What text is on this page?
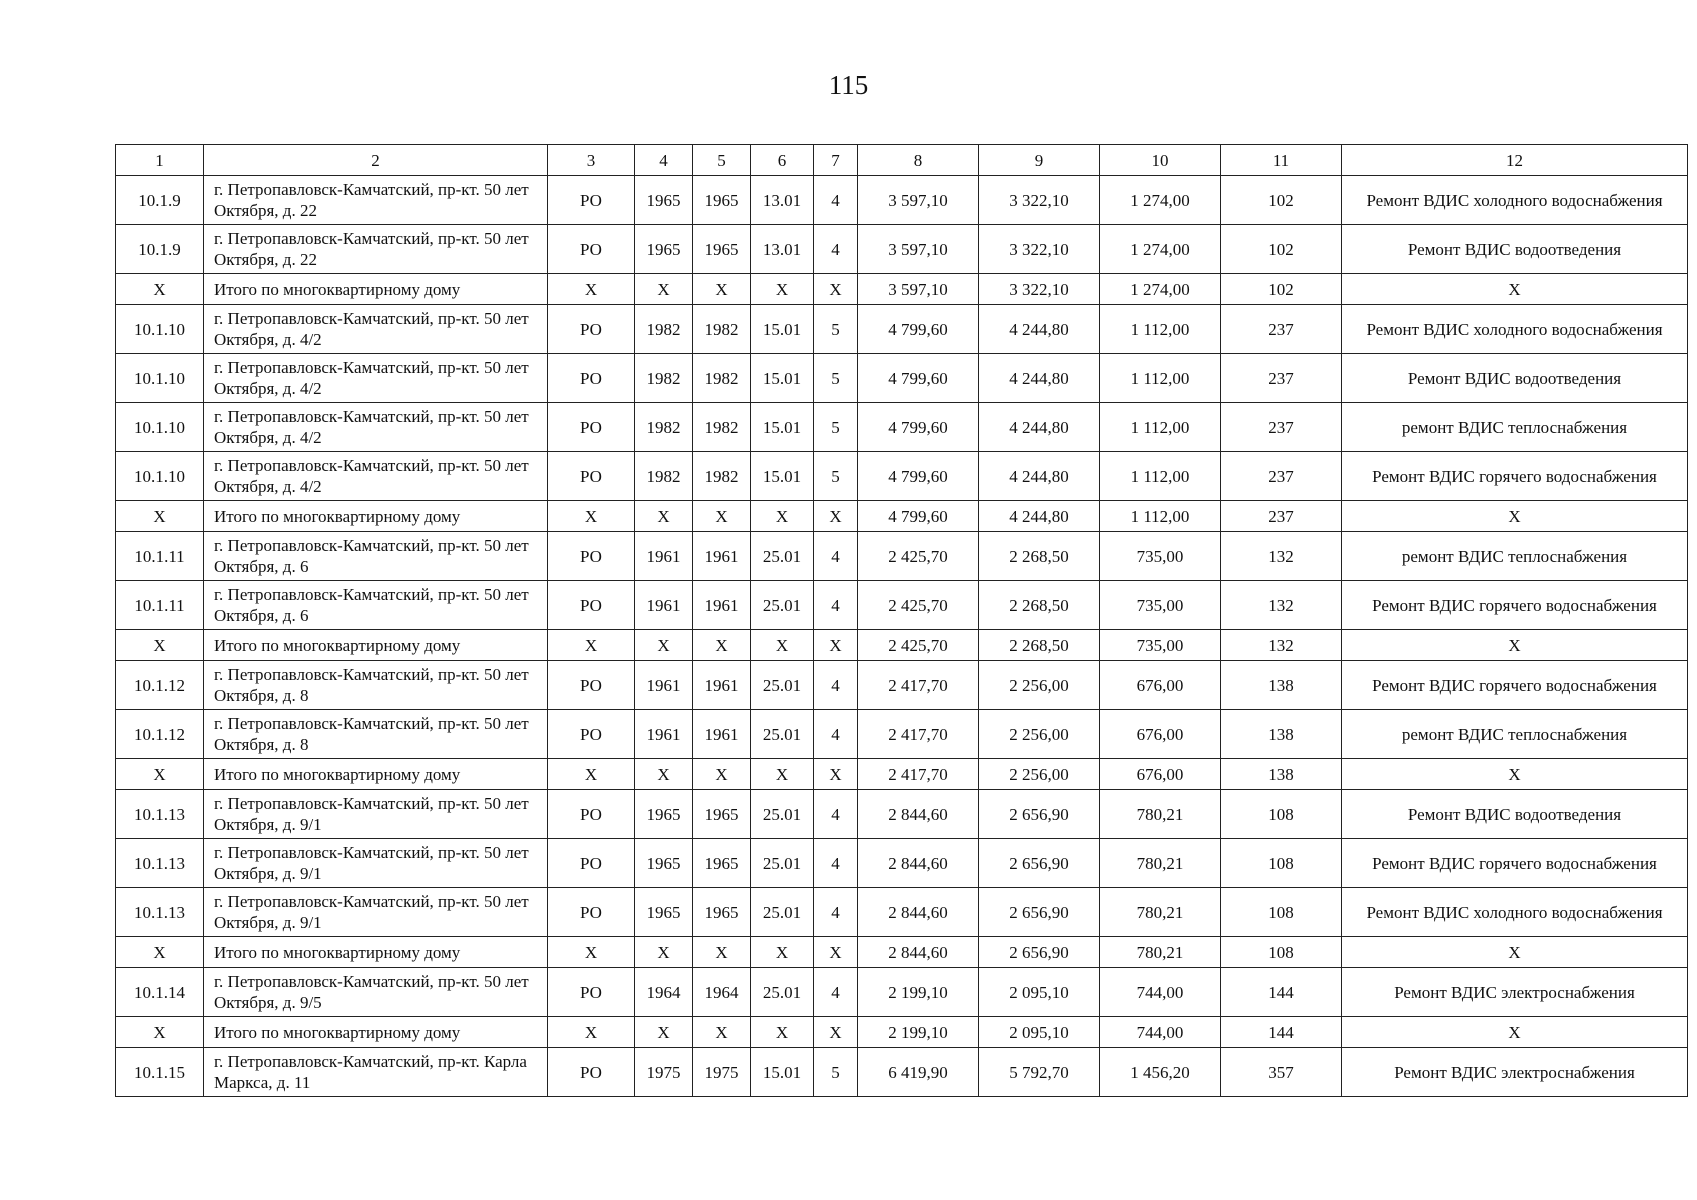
115
1	2	3	4	5	6	7	8	9	10	11	12
10.1.9	г. Петропавловск-Камчатский, пр-кт. 50 лет Октября, д. 22	РО	1965	1965	13.01	4	3 597,10	3 322,10	1 274,00	102	Ремонт ВДИС холодного водоснабжения
10.1.9	г. Петропавловск-Камчатский, пр-кт. 50 лет Октября, д. 22	РО	1965	1965	13.01	4	3 597,10	3 322,10	1 274,00	102	Ремонт ВДИС водоотведения
X	Итого по многоквартирному дому	X	X	X	X	X	3 597,10	3 322,10	1 274,00	102	X
10.1.10	г. Петропавловск-Камчатский, пр-кт. 50 лет Октября, д. 4/2	РО	1982	1982	15.01	5	4 799,60	4 244,80	1 112,00	237	Ремонт ВДИС холодного водоснабжения
10.1.10	г. Петропавловск-Камчатский, пр-кт. 50 лет Октября, д. 4/2	РО	1982	1982	15.01	5	4 799,60	4 244,80	1 112,00	237	Ремонт ВДИС водоотведения
10.1.10	г. Петропавловск-Камчатский, пр-кт. 50 лет Октября, д. 4/2	РО	1982	1982	15.01	5	4 799,60	4 244,80	1 112,00	237	ремонт ВДИС теплоснабжения
10.1.10	г. Петропавловск-Камчатский, пр-кт. 50 лет Октября, д. 4/2	РО	1982	1982	15.01	5	4 799,60	4 244,80	1 112,00	237	Ремонт ВДИС горячего водоснабжения
X	Итого по многоквартирному дому	X	X	X	X	X	4 799,60	4 244,80	1 112,00	237	X
10.1.11	г. Петропавловск-Камчатский, пр-кт. 50 лет Октября, д. 6	РО	1961	1961	25.01	4	2 425,70	2 268,50	735,00	132	ремонт ВДИС теплоснабжения
10.1.11	г. Петропавловск-Камчатский, пр-кт. 50 лет Октября, д. 6	РО	1961	1961	25.01	4	2 425,70	2 268,50	735,00	132	Ремонт ВДИС горячего водоснабжения
X	Итого по многоквартирному дому	X	X	X	X	X	2 425,70	2 268,50	735,00	132	X
10.1.12	г. Петропавловск-Камчатский, пр-кт. 50 лет Октября, д. 8	РО	1961	1961	25.01	4	2 417,70	2 256,00	676,00	138	Ремонт ВДИС горячего водоснабжения
10.1.12	г. Петропавловск-Камчатский, пр-кт. 50 лет Октября, д. 8	РО	1961	1961	25.01	4	2 417,70	2 256,00	676,00	138	ремонт ВДИС теплоснабжения
X	Итого по многоквартирному дому	X	X	X	X	X	2 417,70	2 256,00	676,00	138	X
10.1.13	г. Петропавловск-Камчатский, пр-кт. 50 лет Октября, д. 9/1	РО	1965	1965	25.01	4	2 844,60	2 656,90	780,21	108	Ремонт ВДИС водоотведения
10.1.13	г. Петропавловск-Камчатский, пр-кт. 50 лет Октября, д. 9/1	РО	1965	1965	25.01	4	2 844,60	2 656,90	780,21	108	Ремонт ВДИС горячего водоснабжения
10.1.13	г. Петропавловск-Камчатский, пр-кт. 50 лет Октября, д. 9/1	РО	1965	1965	25.01	4	2 844,60	2 656,90	780,21	108	Ремонт ВДИС холодного водоснабжения
X	Итого по многоквартирному дому	X	X	X	X	X	2 844,60	2 656,90	780,21	108	X
10.1.14	г. Петропавловск-Камчатский, пр-кт. 50 лет Октября, д. 9/5	РО	1964	1964	25.01	4	2 199,10	2 095,10	744,00	144	Ремонт ВДИС электроснабжения
X	Итого по многоквартирному дому	X	X	X	X	X	2 199,10	2 095,10	744,00	144	X
10.1.15	г. Петропавловск-Камчатский, пр-кт. Карла Маркса, д. 11	РО	1975	1975	15.01	5	6 419,90	5 792,70	1 456,20	357	Ремонт ВДИС электроснабжения
